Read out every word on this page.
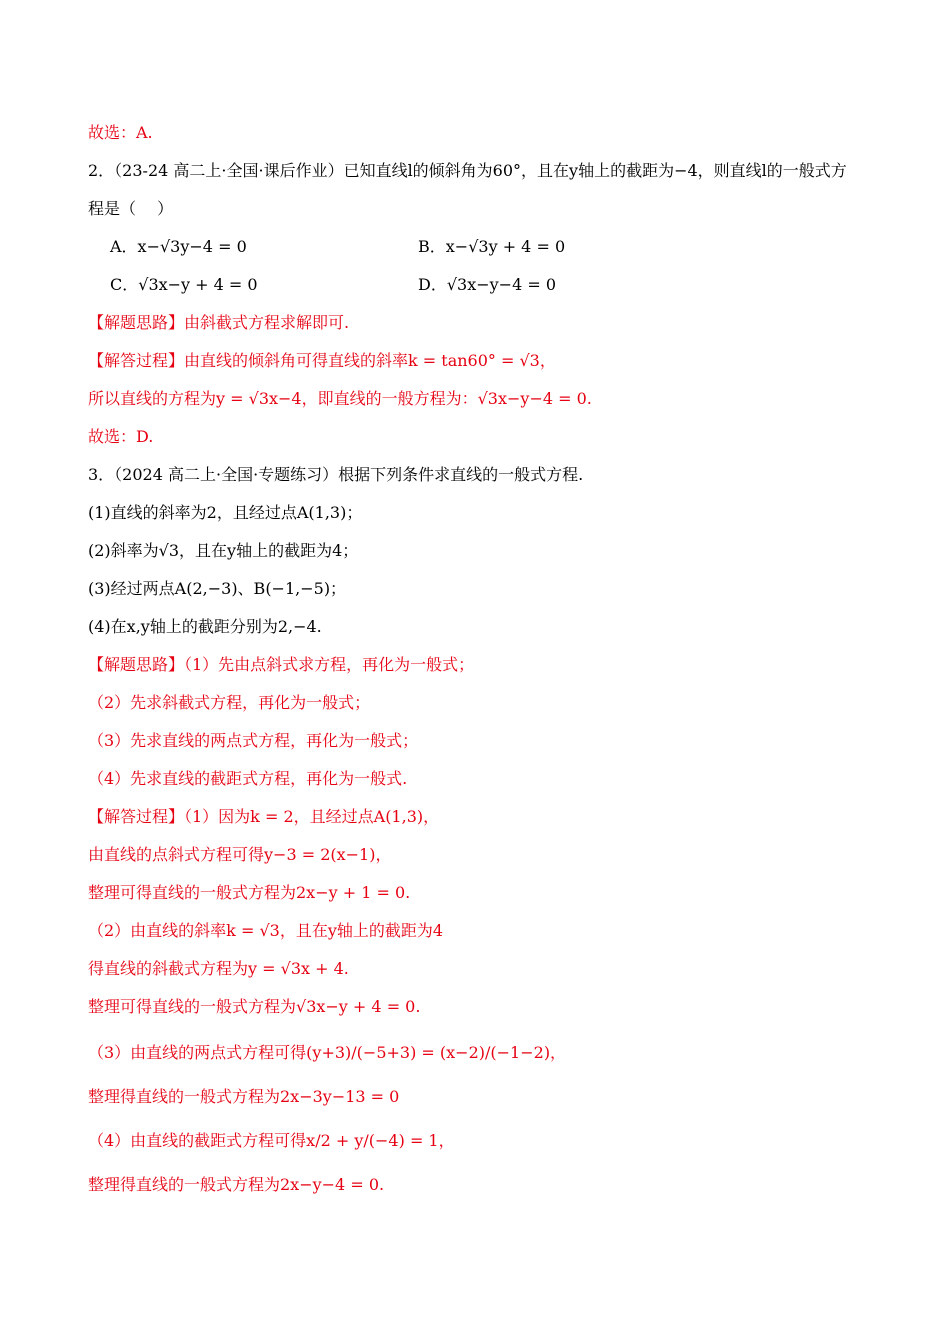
故选：A.
2．（23-24 高二上·全国·课后作业）已知直线l的倾斜角为60°，且在y轴上的截距为−4，则直线l的一般式方
程是（　 ）
A．x−√3y−4 = 0	B．x−√3y + 4 = 0
C．√3x−y + 4 = 0	D．√3x−y−4 = 0
【解题思路】由斜截式方程求解即可.
【解答过程】由直线的倾斜角可得直线的斜率k = tan60° = √3，
所以直线的方程为y = √3x−4，即直线的一般方程为：√3x−y−4 = 0.
故选：D.
3．（2024 高二上·全国·专题练习）根据下列条件求直线的一般式方程.
(1)直线的斜率为2，且经过点A(1,3)；
(2)斜率为√3，且在y轴上的截距为4；
(3)经过两点A(2,−3)、B(−1,−5)；
(4)在x,y轴上的截距分别为2,−4.
【解题思路】（1）先由点斜式求方程，再化为一般式；
（2）先求斜截式方程，再化为一般式；
（3）先求直线的两点式方程，再化为一般式；
（4）先求直线的截距式方程，再化为一般式.
【解答过程】（1）因为k = 2，且经过点A(1,3)，
由直线的点斜式方程可得y−3 = 2(x−1)，
整理可得直线的一般式方程为2x−y + 1 = 0.
（2）由直线的斜率k = √3，且在y轴上的截距为4
得直线的斜截式方程为y = √3x + 4.
整理可得直线的一般式方程为√3x−y + 4 = 0.
（3）由直线的两点式方程可得(y+3)/(−5+3) = (x−2)/(−1−2)，
整理得直线的一般式方程为2x−3y−13 = 0
（4）由直线的截距式方程可得x/2 + y/(−4) = 1，
整理得直线的一般式方程为2x−y−4 = 0.
